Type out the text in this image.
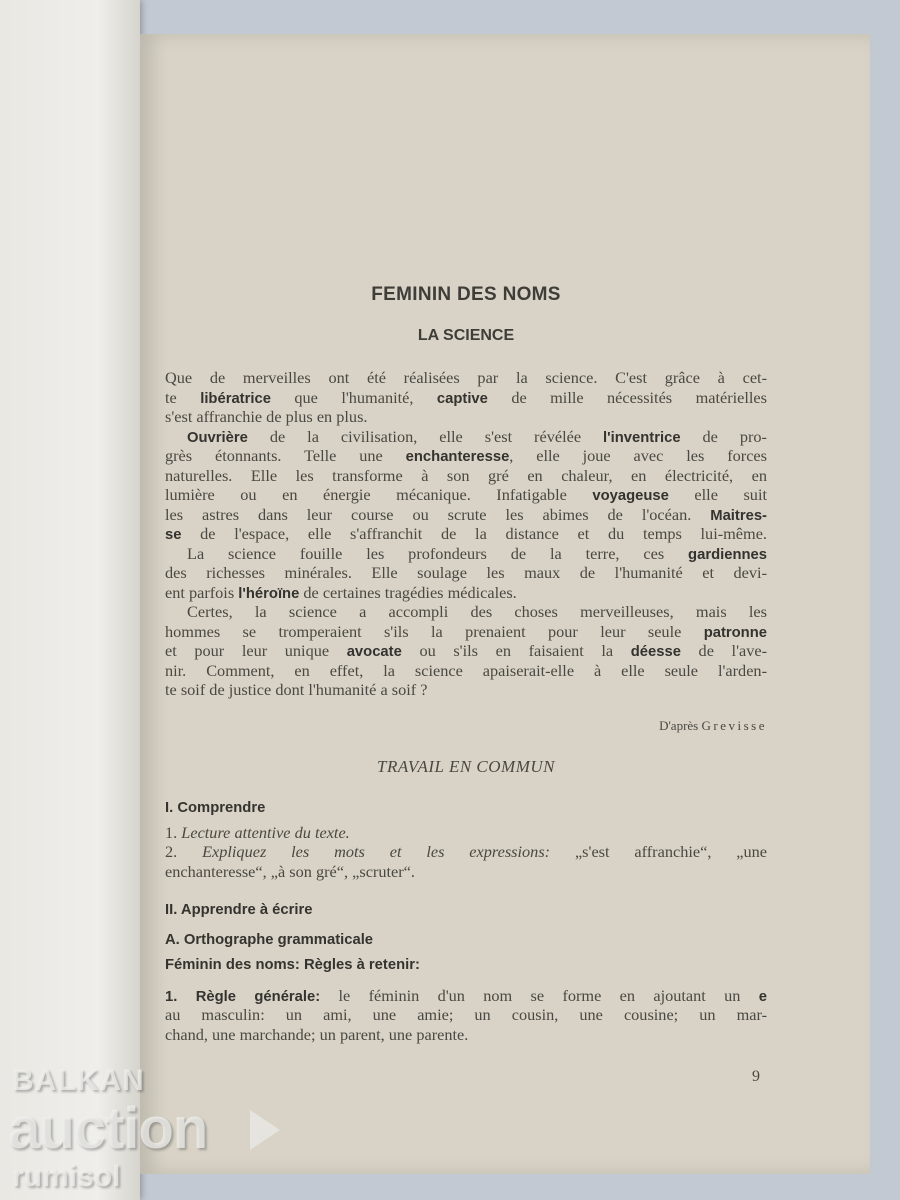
FEMININ DES NOMS
LA SCIENCE
Que de merveilles ont été réalisées par la science. C'est grâce à cet-
te libératrice que l'humanité, captive de mille nécessités matérielles
s'est affranchie de plus en plus.
Ouvrière de la civilisation, elle s'est révélée l'inventrice de pro-
grès étonnants. Telle une enchanteresse, elle joue avec les forces
naturelles. Elle les transforme à son gré en chaleur, en électricité, en
lumière ou en énergie mécanique. Infatigable voyageuse elle suit
les astres dans leur course ou scrute les abimes de l'océan. Maitres-
se de l'espace, elle s'affranchit de la distance et du temps lui-même.
La science fouille les profondeurs de la terre, ces gardiennes
des richesses minérales. Elle soulage les maux de l'humanité et devi-
ent parfois l'héroïne de certaines tragédies médicales.
Certes, la science a accompli des choses merveilleuses, mais les
hommes se tromperaient s'ils la prenaient pour leur seule patronne
et pour leur unique avocate ou s'ils en faisaient la déesse de l'ave-
nir. Comment, en effet, la science apaiserait-elle à elle seule l'arden-
te soif de justice dont l'humanité a soif ?
D'après Grevisse
TRAVAIL EN COMMUN
I. Comprendre
1. Lecture attentive du texte.
2. Expliquez les mots et les expressions: „s'est affranchie“, „une
enchanteresse“, „à son gré“, „scruter“.
II. Apprendre à écrire
A. Orthographe grammaticale
Féminin des noms: Règles à retenir:
1. Règle générale: le féminin d'un nom se forme en ajoutant un e
au masculin: un ami, une amie; un cousin, une cousine; un mar-
chand, une marchande; un parent, une parente.
9
BALKAN
auction
rumisol
